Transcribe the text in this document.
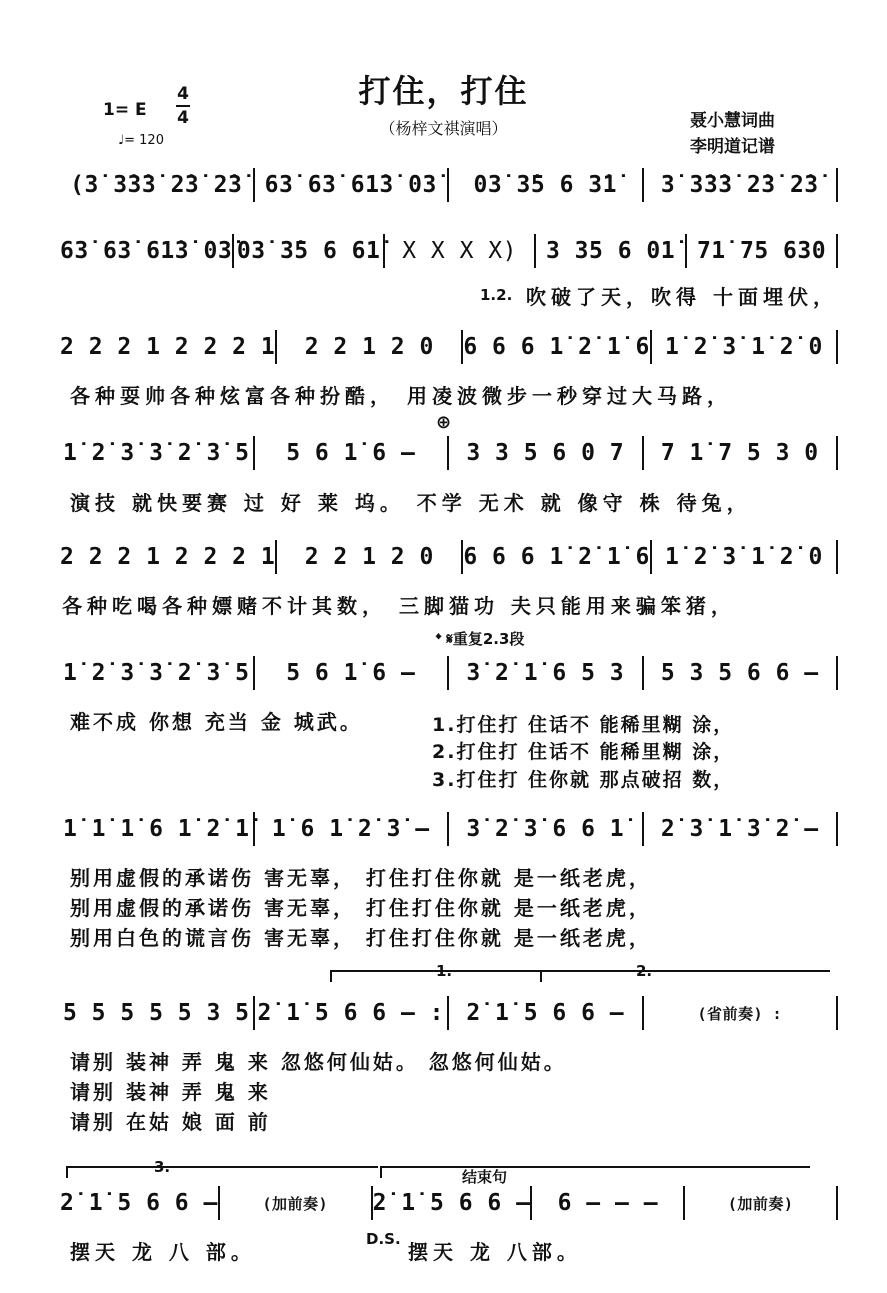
打住，打住
（杨梓文祺演唱）
1= E
4
4
♩= 120
聂小慧词曲
李明道记谱
(3̇ 3̇3̇3̇ 2̇3̇ 2̇3̇ 63̇ 63̇ 61̇3̇ 03̇	03̇ 3̇5 6 3̇1̇	3̇ 3̇3̇3̇ 2̇3̇ 2̇3̇
63̇ 63̇ 61̇3̇ 03̇ 03̇ 3̇5 6 61̇ X X X X)	3 35 6 01̇ 71̇ 75 630
1.2. 吹破了天，吹得 十面埋伏，
2 2 2 1 2 2 2 1	2 2 1 2 0	6 6 6 1̇ 2̇ 1̇ 6 1̇ 2̇ 3̇ 1̇ 2̇ 0
各种耍帅各种炫富各种扮酷， 用凌波微步一秒穿过大马路，
1̇ 2̇ 3̇ 3̇ 2̇ 3̇ 5	5 6 1̇ 6 –	3 3 5 6 0 7	7 1̇ 7 5 3 0
⊕
演技 就快要赛 过 好 莱 坞。 不学 无术 就 像守 株 待兔，
2 2 2 1 2 2 2 1	2 2 1 2 0	6 6 6 1̇ 2̇ 1̇ 6 1̇ 2̇ 3̇ 1̇ 2̇ 0
各种吃喝各种嫖赌不计其数， 三脚猫功 夫只能用来骗笨猪，
𝄌 𝄋重复2.3段
1̇ 2̇ 3̇ 3̇ 2̇ 3̇ 5	5 6 1̇ 6 –	3̇ 2̇ 1̇ 6 5 3	5 3 5 6 6 –
难不成 你想 充当 金 城武。	1.打住打 住话不 能稀里糊 涂，
2.打住打 住话不 能稀里糊 涂，
3.打住打 住你就 那点破招 数，
1̇ 1̇ 1̇ 6 1̇ 2̇ 1̇ 1̇ 6 1̇ 2̇ 3̇ –	3̇ 2̇ 3̇ 6 6 1̇	2̇ 3̇ 1̇ 3̇ 2̇ –
别用虚假的承诺伤 害无辜， 打住打住你就 是一纸老虎，
别用虚假的承诺伤 害无辜， 打住打住你就 是一纸老虎，
别用白色的谎言伤 害无辜， 打住打住你就 是一纸老虎，
1.	2.
5 5 5 5 5 3 5 2̇ 1̇ 5 6 6 – : 2̇ 1̇ 5 6 6 –	(省前奏) :
请别 装神 弄 鬼 来 忽悠何仙姑。 忽悠何仙姑。
请别 装神 弄 鬼 来
请别 在姑 娘 面 前
3.
结束句
2̇ 1̇ 5 6 6 –	(加前奏)	2̇ 1̇ 5 6 6 –	6 – – –	(加前奏)
摆天 龙 八 部。
D.S.
摆天 龙 八部。
